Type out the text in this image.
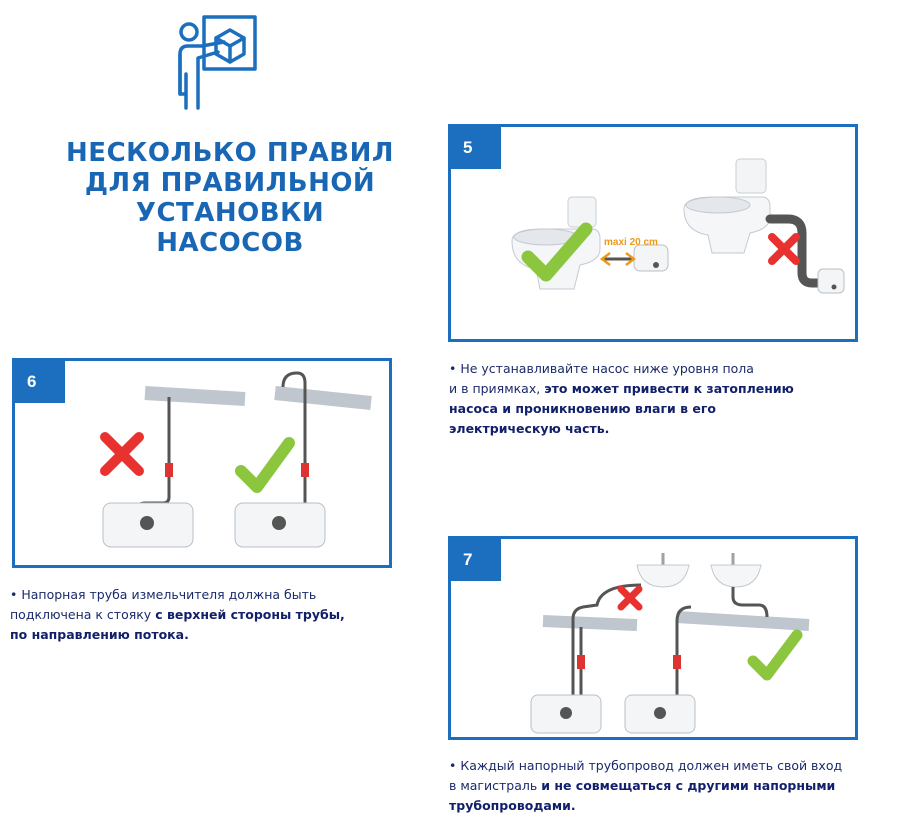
НЕСКОЛЬКО ПРАВИЛ
ДЛЯ ПРАВИЛЬНОЙ
УСТАНОВКИ
НАСОСОВ
5
maxi 20 cm
• Не устанавливайте насос ниже уровня пола
и в приямках, это может привести к затоплению
насоса и проникновению влаги в его
электрическую часть.
6
• Напорная труба измельчителя должна быть
подключена к стояку с верхней стороны трубы,
по направлению потока.
7
• Каждый напорный трубопровод должен иметь свой вход
в магистраль и не совмещаться с другими напорными
трубопроводами.
